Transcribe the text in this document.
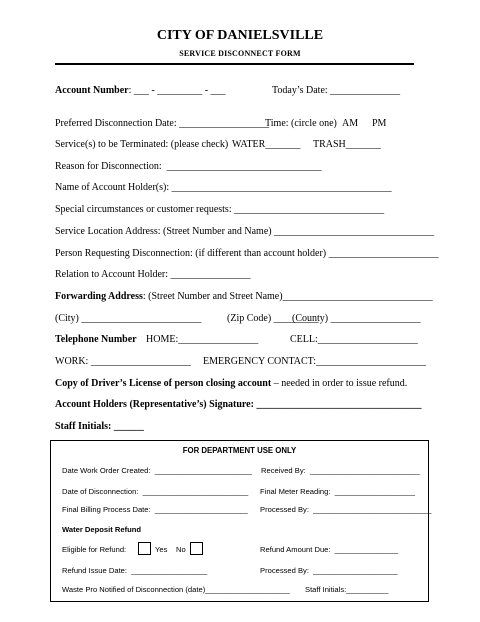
CITY OF DANIELSVILLE
SERVICE DISCONNECT FORM
Account Number: ___ - _________ - ___	Today’s Date: ______________
Preferred Disconnection Date: __________________
Time: (circle one) AM PM
Service(s) to be Terminated: (please check) WATER_______ TRASH_______
Reason for Disconnection:  _______________________________
Name of Account Holder(s): ____________________________________________
Special circumstances or customer requests: ______________________________
Service Location Address: (Street Number and Name) ________________________________
Person Requesting Disconnection: (if different than account holder) ______________________
Relation to Account Holder: ________________
Forwarding Address: (Street Number and Street Name)______________________________
(City) ________________________	(Zip Code) _________
(County) __________________
Telephone Number HOME:________________	CELL:____________________
WORK: ____________________ EMERGENCY CONTACT:______________________
Copy of Driver’s License of person closing account – needed in order to issue refund.
Account Holders (Representative’s) Signature: _________________________________
Staff Initials: ______
FOR DEPARTMENT USE ONLY
Date Work Order Created:  _______________________ Received By:  __________________________
Date of Disconnection:  _________________________ Final Meter Reading:  ___________________
Final Billing Process Date:  ______________________ Processed By:  ____________________________
Water Deposit Refund
Eligible for Refund:	Yes No	Refund Amount Due:  _______________
Refund Issue Date:  __________________	Processed By:  ____________________
Waste Pro Notified of Disconnection (date)____________________ Staff Initials:__________
